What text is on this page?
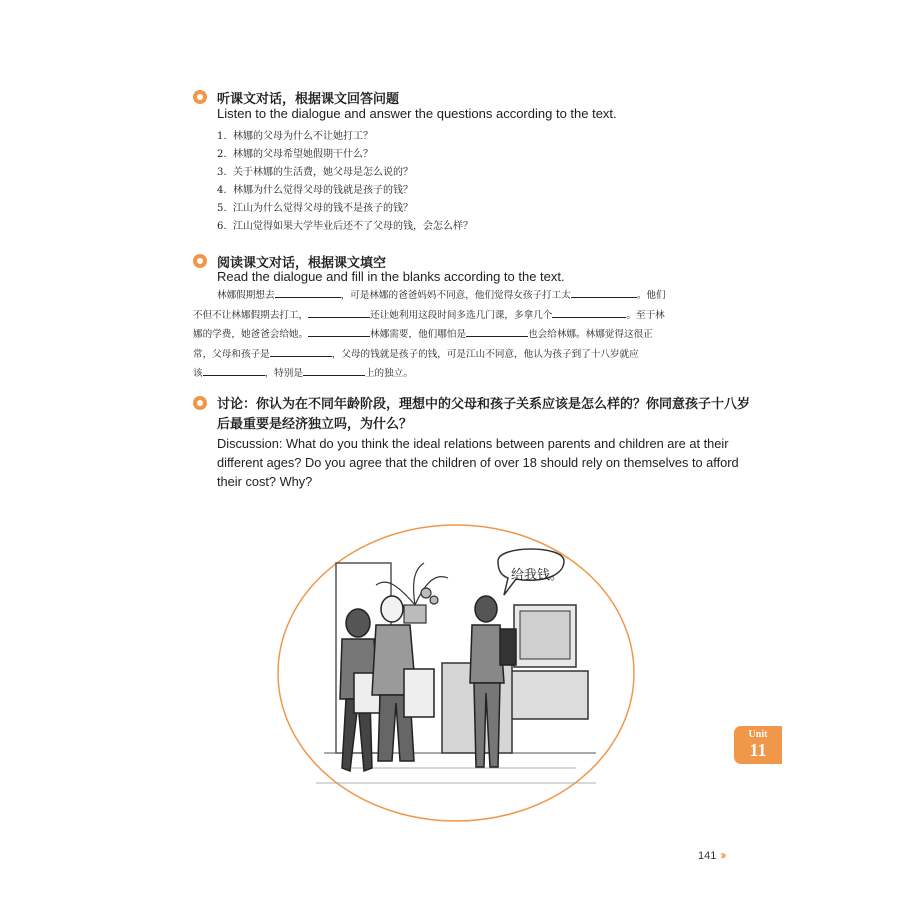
听课文对话，根据课文回答问题
Listen to the dialogue and answer the questions according to the text.
1. 林娜的父母为什么不让她打工？
2. 林娜的父母希望她假期干什么？
3. 关于林娜的生活费，她父母是怎么说的？
4. 林娜为什么觉得父母的钱就是孩子的钱？
5. 江山为什么觉得父母的钱不是孩子的钱？
6. 江山觉得如果大学毕业后还不了父母的钱，会怎么样？
阅读课文对话，根据课文填空
Read the dialogue and fill in the blanks according to the text.
林娜假期想去	，可是林娜的爸爸妈妈不同意，他们觉得女孩子打工太	。他们
不但不让林娜假期去打工，	还让她利用这段时间多选几门课，多拿几个	。至于林
娜的学费，她爸爸会给她。	林娜需要，他们哪怕是	也会给林娜。林娜觉得这很正
常，父母和孩子是	，父母的钱就是孩子的钱，可是江山不同意，他认为孩子到了十八岁就应
该	，特别是	上的独立。
讨论：你认为在不同年龄阶段，理想中的父母和孩子关系应该是怎么样的？你同意孩子十八岁
后最重要是经济独立吗，为什么？
Discussion: What do you think the ideal relations between parents and children are at their
different ages? Do you agree that the children of over 18 should rely on themselves to afford
their cost? Why?
给我钱。
Unit
11
141 ››
